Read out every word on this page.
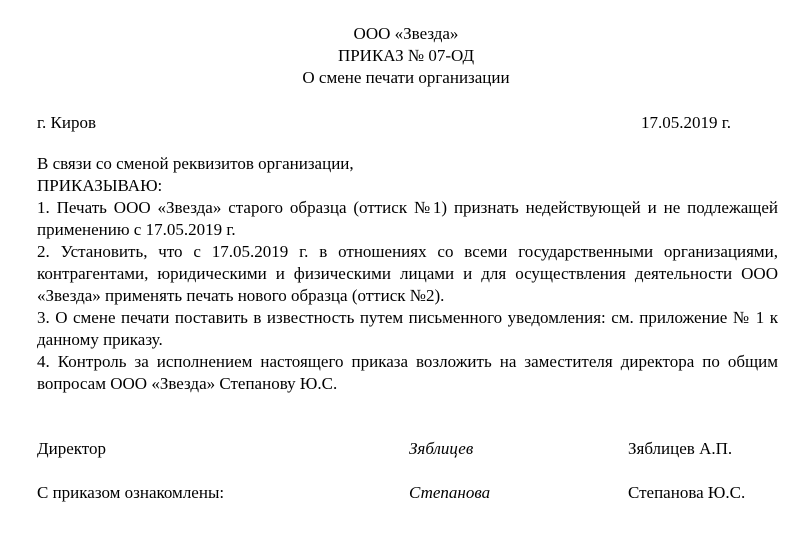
ООО «Звезда»
ПРИКАЗ № 07-ОД
О смене печати организации
г. Киров	17.05.2019 г.

В связи со сменой реквизитов организации,

ПРИКАЗЫВАЮ:

1. Печать ООО «Звезда» старого образца (оттиск №1) признать недействующей и не подлежащей применению с 17.05.2019 г.

2. Установить, что с 17.05.2019 г. в отношениях со всеми государственными организациями, контрагентами, юридическими и физическими лицами и для осуществления деятельности ООО «Звезда» применять печать нового образца (оттиск №2).

3. О смене печати поставить в известность путем письменного уведомления: см. приложение № 1 к данному приказу.

4. Контроль за исполнением настоящего приказа возложить на заместителя директора по общим вопросам ООО «Звезда» Степанову Ю.С.

Директор	Зяблицев	Зяблицев А.П.
С приказом ознакомлены:	Степанова	Степанова Ю.С.
